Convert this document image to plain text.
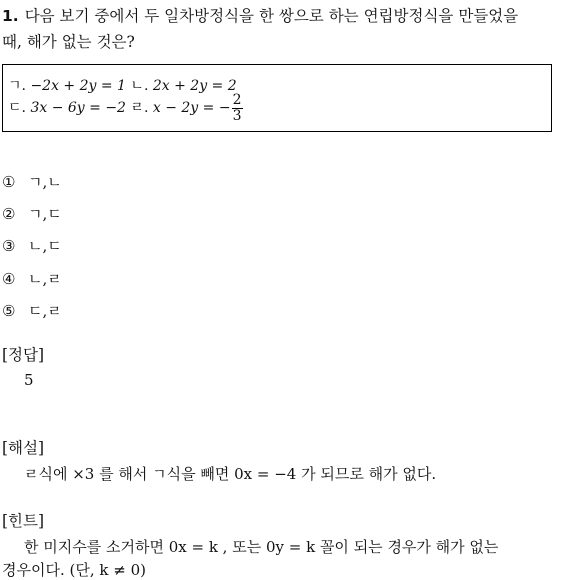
1. 다음 보기 중에서 두 일차방정식을 한 쌍으로 하는 연립방정식을 만들었을
때, 해가 없는 것은?
ㄱ. −2x + 2y = 1 ㄴ. 2x + 2y = 2
ㄷ. 3x − 6y = −2 ㄹ. x − 2y = − $\frac{2}{3}$
① ㄱ,ㄴ
② ㄱ,ㄷ
③ ㄴ,ㄷ
④ ㄴ,ㄹ
⑤ ㄷ,ㄹ
[정답]
5
[해설]
ㄹ식에 ×3 를 해서 ㄱ식을 빼면 0x = −4 가 되므로 해가 없다.
[힌트]
한 미지수를 소거하면 0x = k , 또는 0y = k 꼴이 되는 경우가 해가 없는
경우이다. (단, k ≠ 0)
